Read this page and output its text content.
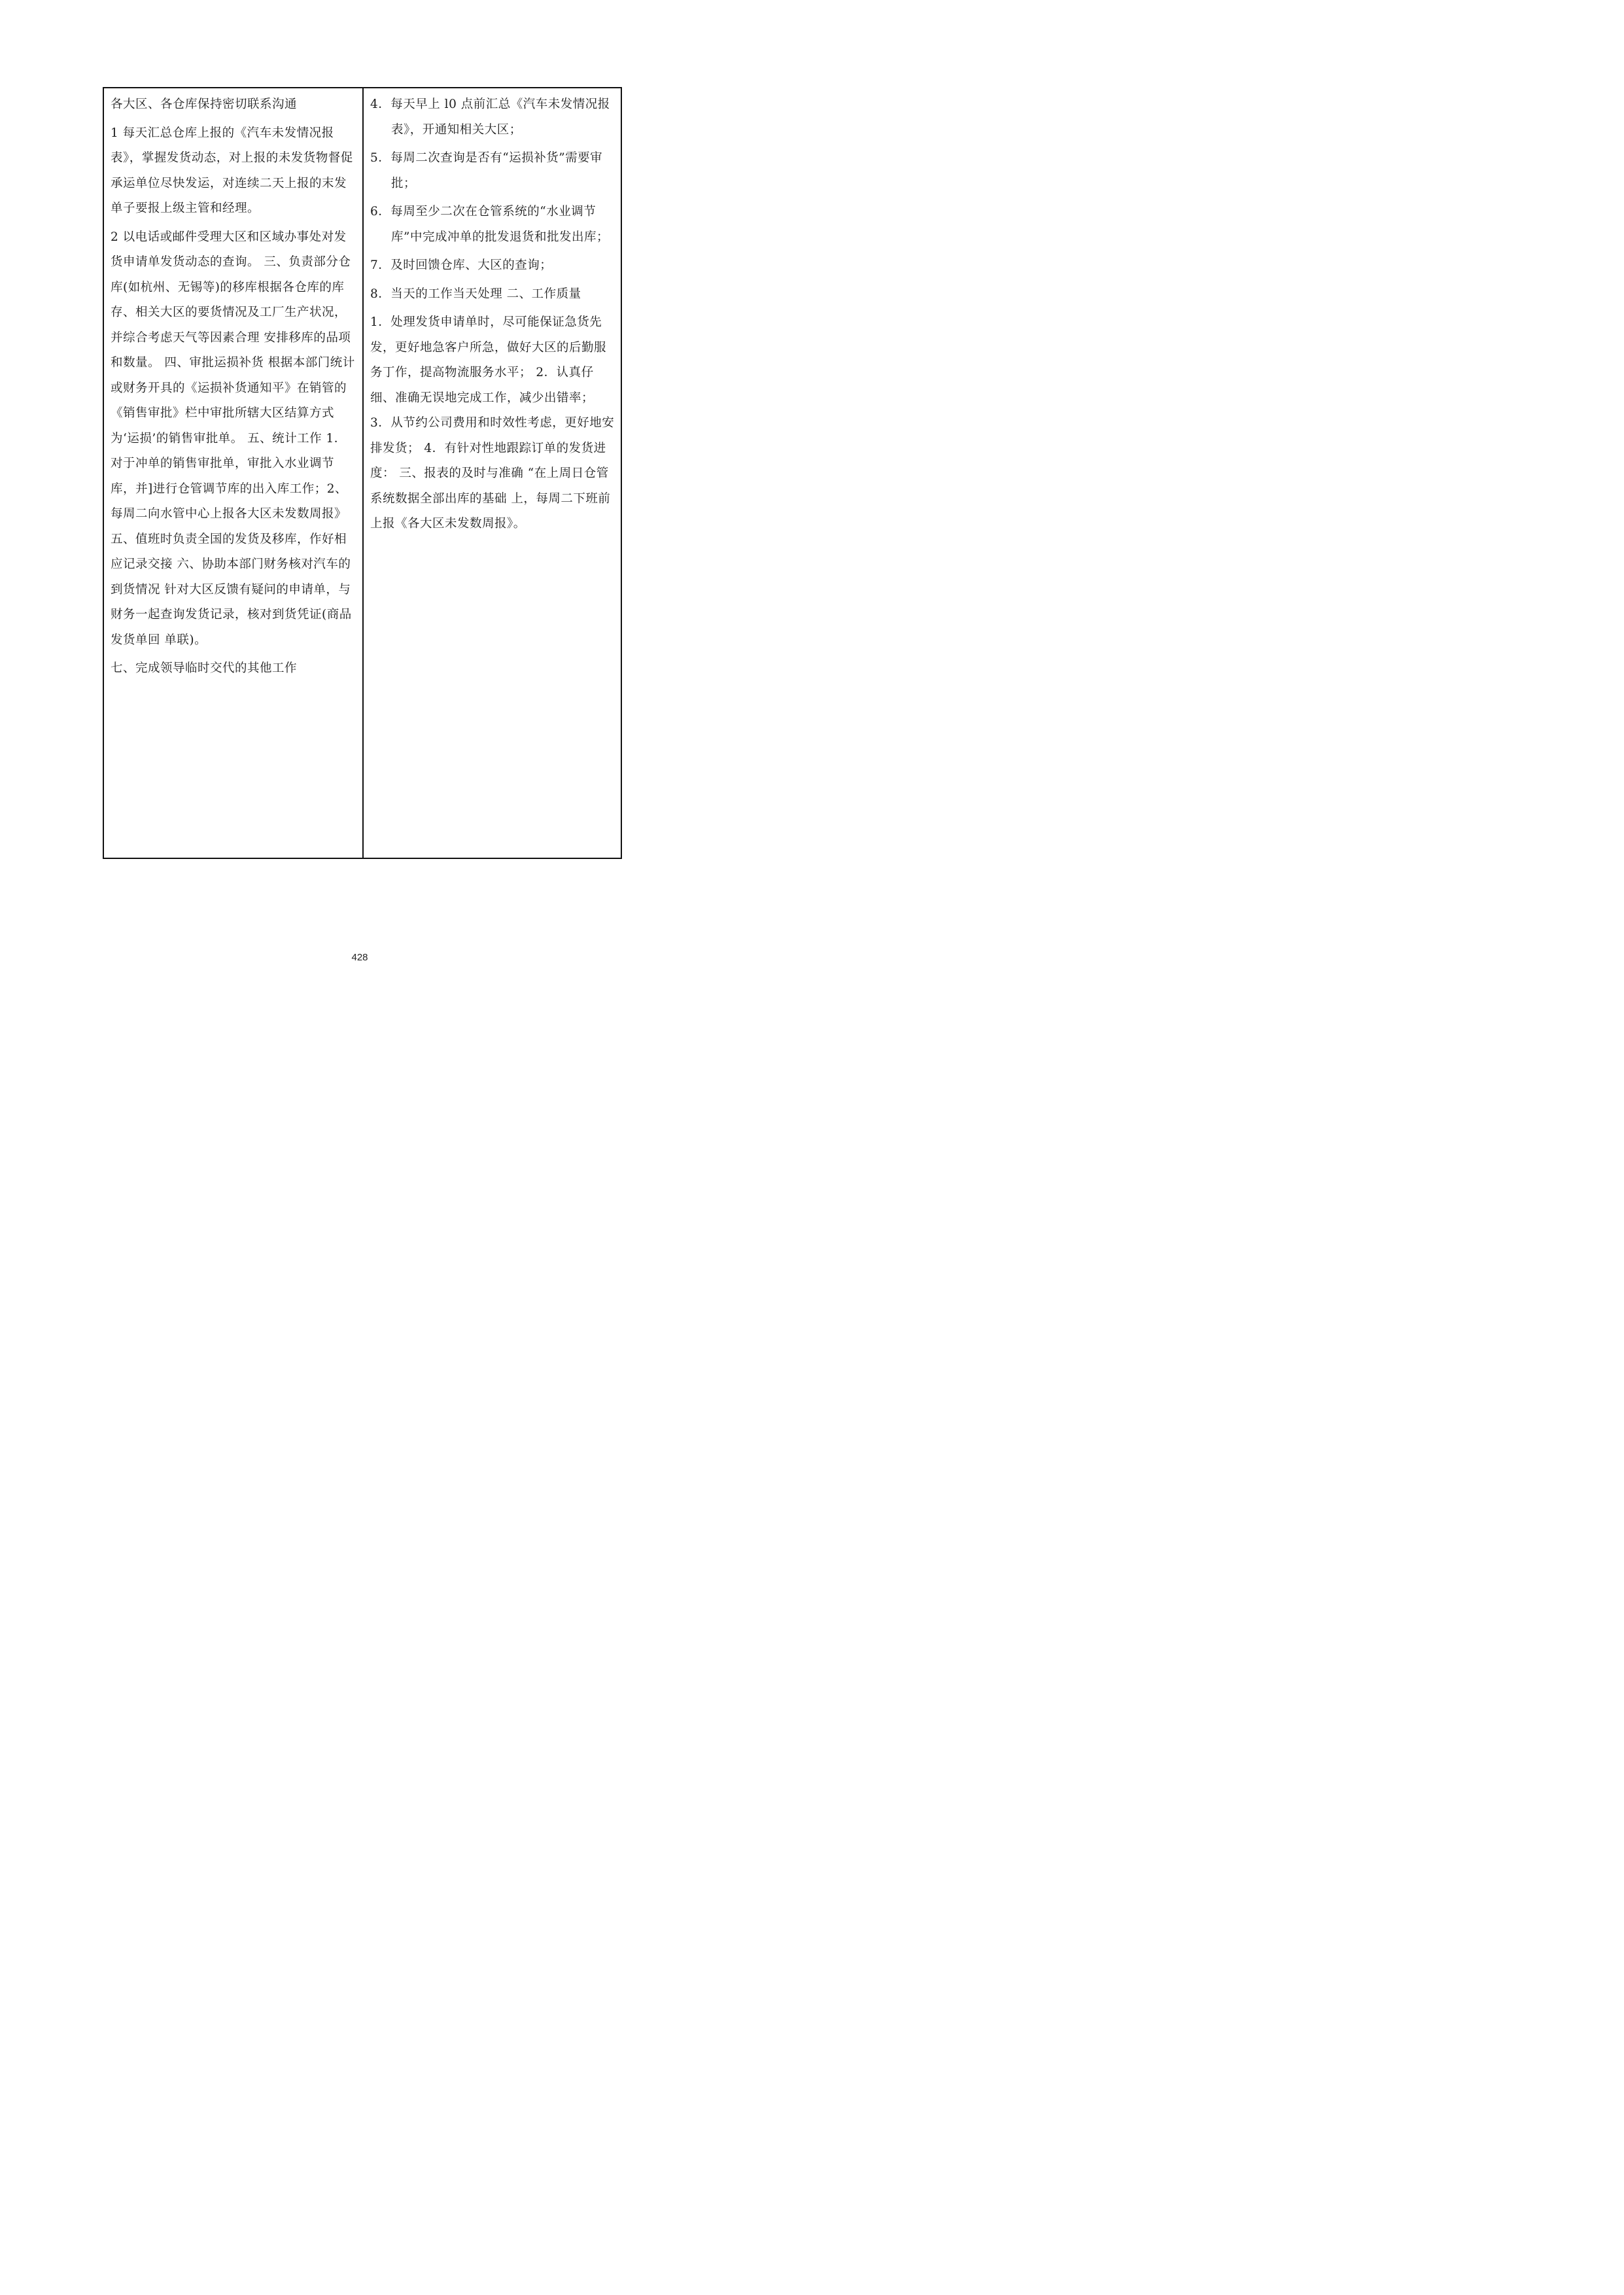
各大区、各仓库保持密切联系沟通

1 每天汇总仓库上报的《汽车未发情况报表》，掌握发货动态，对上报的未发货物督促承运单位尽快发运，对连续二天上报的末发单子要报上级主管和经理。

2 以电话或邮件受理大区和区域办事处对发货申请单发货动态的查询。 三、负责部分仓库(如杭州、无锡等)的移库根据各仓库的库存、相关大区的要货情况及工厂生产状况，并综合考虑天气等因素合理 安排移库的品项和数量。 四、审批运损补货 根据本部门统计或财务开具的《运损补货通知平》在销管的《销售审批》栏中审批所辖大区结算方式为‘运损’的销售审批单。 五、统计工作 1．对于冲单的销售审批单，审批入水业调节库，并]进行仓管调节库的出入库工作；2、每周二向水管中心上报各大区未发数周报》 五、值班时负责全国的发货及移库，作好相 应记录交接 六、协助本部门财务核对汽车的到货情况 针对大区反馈有疑问的申请单，与财务一起查询发货记录，核对到货凭证(商品发货单回 单联)。

七、完成领导临时交代的其他工作

4．每天早上 l0 点前汇总《汽车未发情况报表》，开通知相关大区；

5．每周二次查询是否有“运损补货”需要审批；

6．每周至少二次在仓管系统的“水业调节库”中完成冲单的批发退货和批发出库；

7．及时回馈仓库、大区的查询；

8．当天的工作当天处理 二、工作质量

1．处理发货申请单时，尽可能保证急货先发，更好地急客户所急，做好大区的后勤服务丁作，提高物流服务水平； 2．认真仔细、准确无误地完成工作，减少出错率； 3．从节约公司费用和时效性考虑，更好地安排发货； 4．有针对性地跟踪订单的发货进度： 三、报表的及时与准确 “在上周日仓管系统数据全部出库的基础 上，每周二下班前上报《各大区未发数周报》。

428
